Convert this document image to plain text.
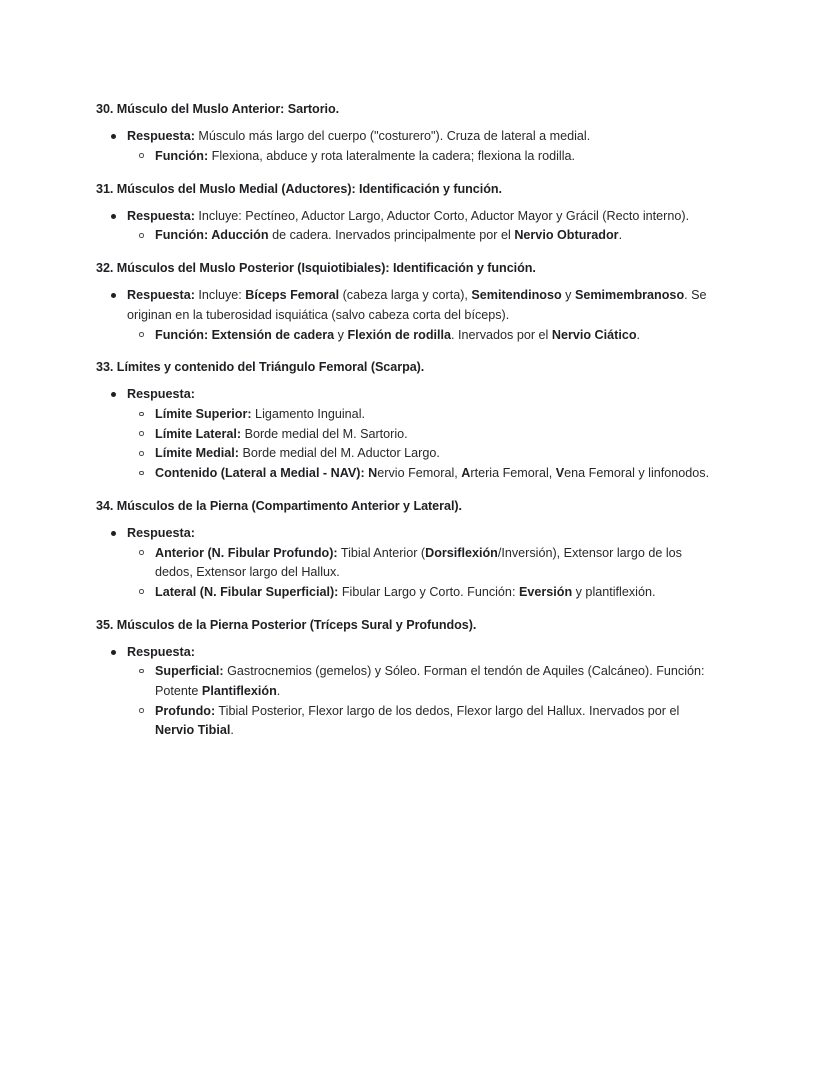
30. Músculo del Muslo Anterior: Sartorio.
Respuesta: Músculo más largo del cuerpo ("costurero"). Cruza de lateral a medial.
Función: Flexiona, abduce y rota lateralmente la cadera; flexiona la rodilla.
31. Músculos del Muslo Medial (Aductores): Identificación y función.
Respuesta: Incluye: Pectíneo, Aductor Largo, Aductor Corto, Aductor Mayor y Grácil (Recto interno).
Función: Aducción de cadera. Inervados principalmente por el Nervio Obturador.
32. Músculos del Muslo Posterior (Isquiotibiales): Identificación y función.
Respuesta: Incluye: Bíceps Femoral (cabeza larga y corta), Semitendinoso y Semimembranoso. Se originan en la tuberosidad isquiática (salvo cabeza corta del bíceps).
Función: Extensión de cadera y Flexión de rodilla. Inervados por el Nervio Ciático.
33. Límites y contenido del Triángulo Femoral (Scarpa).
Respuesta:
Límite Superior: Ligamento Inguinal.
Límite Lateral: Borde medial del M. Sartorio.
Límite Medial: Borde medial del M. Aductor Largo.
Contenido (Lateral a Medial - NAV): Nervio Femoral, Arteria Femoral, Vena Femoral y linfonodos.
34. Músculos de la Pierna (Compartimento Anterior y Lateral).
Respuesta:
Anterior (N. Fibular Profundo): Tibial Anterior (Dorsiflexión/Inversión), Extensor largo de los dedos, Extensor largo del Hallux.
Lateral (N. Fibular Superficial): Fibular Largo y Corto. Función: Eversión y plantiflexión.
35. Músculos de la Pierna Posterior (Tríceps Sural y Profundos).
Respuesta:
Superficial: Gastrocnemios (gemelos) y Sóleo. Forman el tendón de Aquiles (Calcáneo). Función: Potente Plantiflexión.
Profundo: Tibial Posterior, Flexor largo de los dedos, Flexor largo del Hallux. Inervados por el Nervio Tibial.
